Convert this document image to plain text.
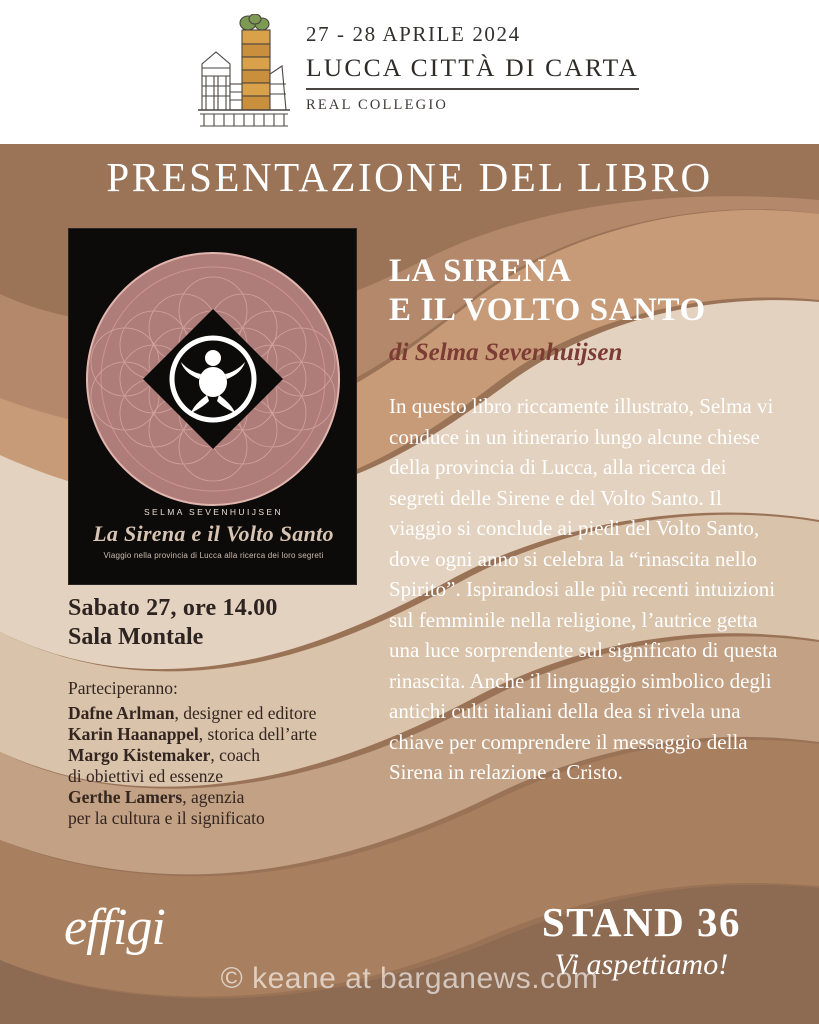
27 - 28 APRILE 2024
LUCCA CITTÀ DI CARTA
REAL COLLEGIO
PRESENTAZIONE DEL LIBRO
SELMA SEVENHUIJSEN
La Sirena e il Volto Santo
Viaggio nella provincia di Lucca alla ricerca dei loro segreti
Sabato 27, ore 14.00
Sala Montale
Parteciperanno:
Dafne Arlman, designer ed editore
Karin Haanappel, storica dell’arte
Margo Kistemaker, coach
di obiettivi ed essenze
Gerthe Lamers, agenzia
per la cultura e il significato
LA SIRENA
E IL VOLTO SANTO
di Selma Sevenhuijsen
In questo libro riccamente illustrato, Selma vi conduce in un itinerario lungo alcune chiese della provincia di Lucca, alla ricerca dei segreti delle Sirene e del Volto Santo. Il viaggio si conclude ai piedi del Volto Santo, dove ogni anno si celebra la “rinascita nello Spirito”. Ispirandosi alle più recenti intuizioni sul femminile nella religione, l’autrice getta una luce sorprendente sul significato di questa rinascita. Anche il linguaggio simbolico degli antichi culti italiani della dea si rivela una chiave per comprendere il messaggio della Sirena in relazione a Cristo.
effigi	STAND 36
Vi aspettiamo!
© keane at barganews.com
